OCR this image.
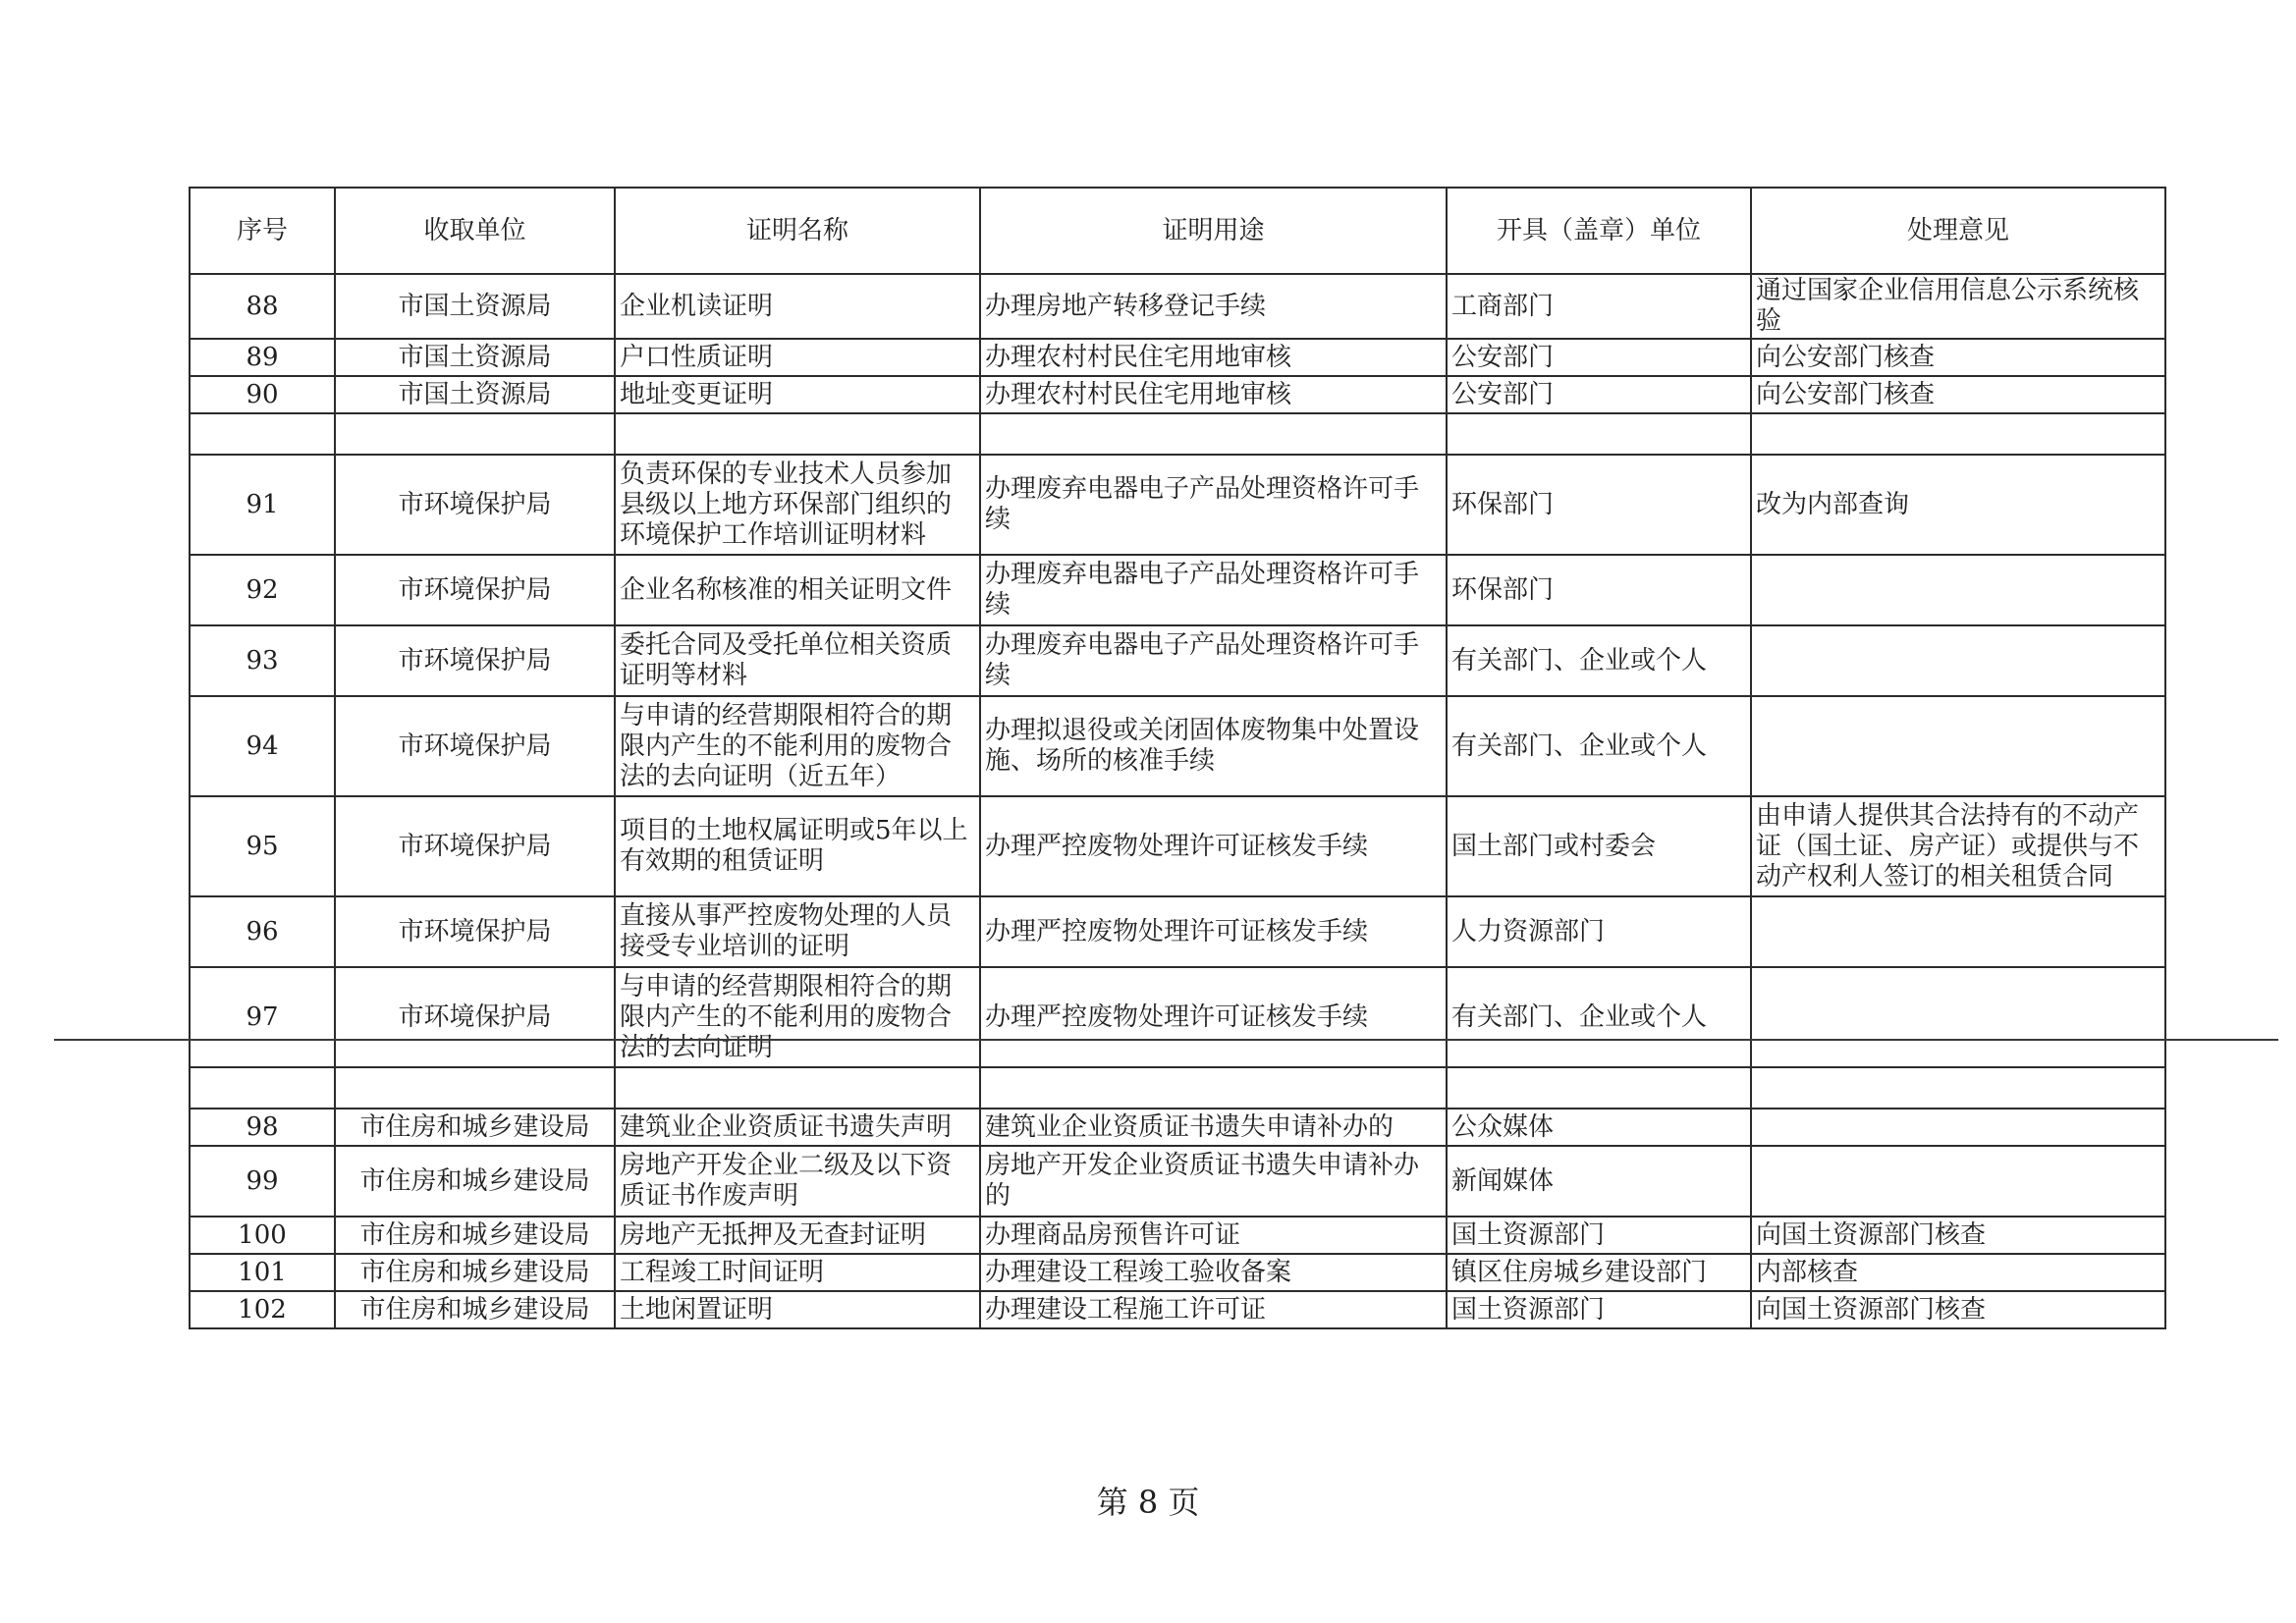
序号	收取单位	证明名称	证明用途	开具（盖章）单位	处理意见
88	市国土资源局	企业机读证明	办理房地产转移登记手续	工商部门	通过国家企业信用信息公示系统核验
89	市国土资源局	户口性质证明	办理农村村民住宅用地审核	公安部门	向公安部门核查
90	市国土资源局	地址变更证明	办理农村村民住宅用地审核	公安部门	向公安部门核查

91	市环境保护局	负责环保的专业技术人员参加县级以上地方环保部门组织的环境保护工作培训证明材料	办理废弃电器电子产品处理资格许可手续	环保部门	改为内部查询
92	市环境保护局	企业名称核准的相关证明文件	办理废弃电器电子产品处理资格许可手续	环保部门	
93	市环境保护局	委托合同及受托单位相关资质证明等材料	办理废弃电器电子产品处理资格许可手续	有关部门、企业或个人	
94	市环境保护局	与申请的经营期限相符合的期限内产生的不能利用的废物合法的去向证明（近五年）	办理拟退役或关闭固体废物集中处置设施、场所的核准手续	有关部门、企业或个人	
95	市环境保护局	项目的土地权属证明或5年以上有效期的租赁证明	办理严控废物处理许可证核发手续	国土部门或村委会	由申请人提供其合法持有的不动产证（国土证、房产证）或提供与不动产权利人签订的相关租赁合同
96	市环境保护局	直接从事严控废物处理的人员接受专业培训的证明	办理严控废物处理许可证核发手续	人力资源部门	
97	市环境保护局	与申请的经营期限相符合的期限内产生的不能利用的废物合法的去向证明	办理严控废物处理许可证核发手续	有关部门、企业或个人	

98	市住房和城乡建设局	建筑业企业资质证书遗失声明	建筑业企业资质证书遗失申请补办的	公众媒体	
99	市住房和城乡建设局	房地产开发企业二级及以下资质证书作废声明	房地产开发企业资质证书遗失申请补办的	新闻媒体	
100	市住房和城乡建设局	房地产无抵押及无查封证明	办理商品房预售许可证	国土资源部门	向国土资源部门核查
101	市住房和城乡建设局	工程竣工时间证明	办理建设工程竣工验收备案	镇区住房城乡建设部门	内部核查
102	市住房和城乡建设局	土地闲置证明	办理建设工程施工许可证	国土资源部门	向国土资源部门核查
第 8 页
